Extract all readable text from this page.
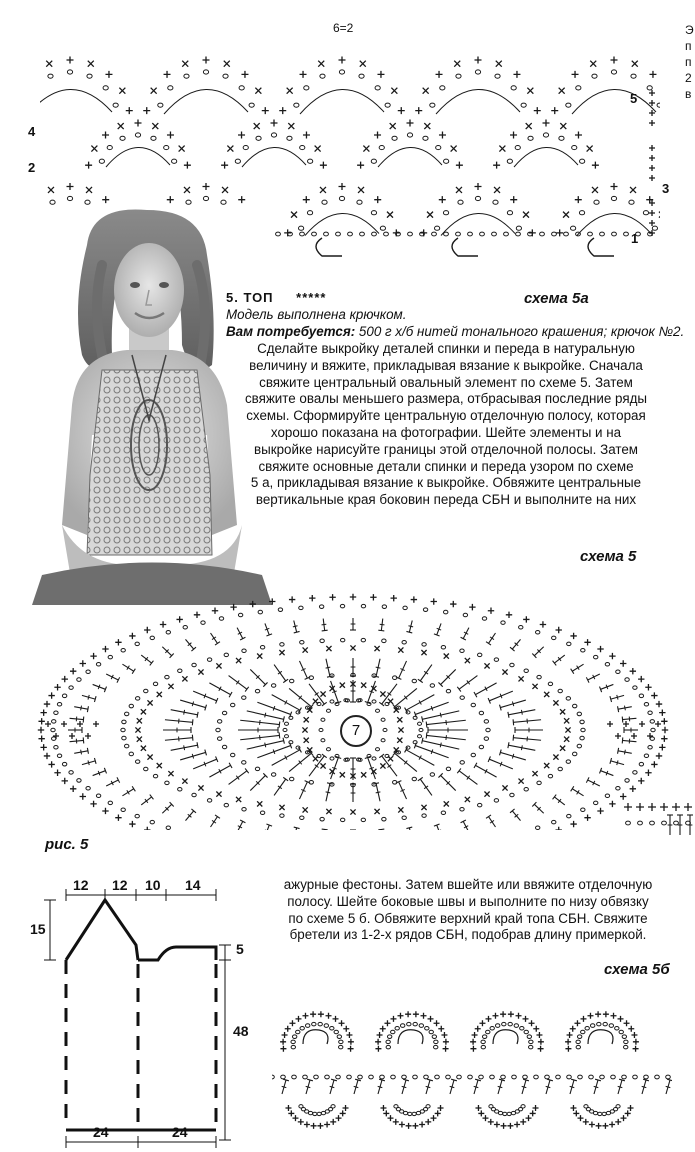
6=2	Э
п
п
2
в
4
2
5
3
1
5. ТОП *****	схема 5а
Модель выполнена крючком.
Вам потребуется: 500 г х/б нитей тонального крашения; крючок №2.
Сделайте выкройку деталей спинки и переда в натуральную
величину и вяжите, прикладывая вязание к выкройке. Сначала
свяжите центральный овальный элемент по схеме 5. Затем
свяжите овалы меньшего размера, отбрасывая последние ряды
схемы. Сформируйте центральную отделочную полосу, которая
хорошо показана на фотографии. Шейте элементы и на
выкройке нарисуйте границы этой отделочной полосы. Затем
свяжите основные детали спинки и переда узором по схеме
5 а, прикладывая вязание к выкройке. Обвяжите центральные
вертикальные края боковин переда СБН и выполните на них
схема 5
7
рис. 5
12 12 10 14
15
5
48
24	24
ажурные фестоны. Затем вшейте или ввяжите отделочную
полосу. Шейте боковые швы и выполните по низу обвязку
по схеме 5 б. Обвяжите верхний край топа СБН. Свяжите
бретели из 1-2-х рядов СБН, подобрав длину примеркой.
схема 5б
